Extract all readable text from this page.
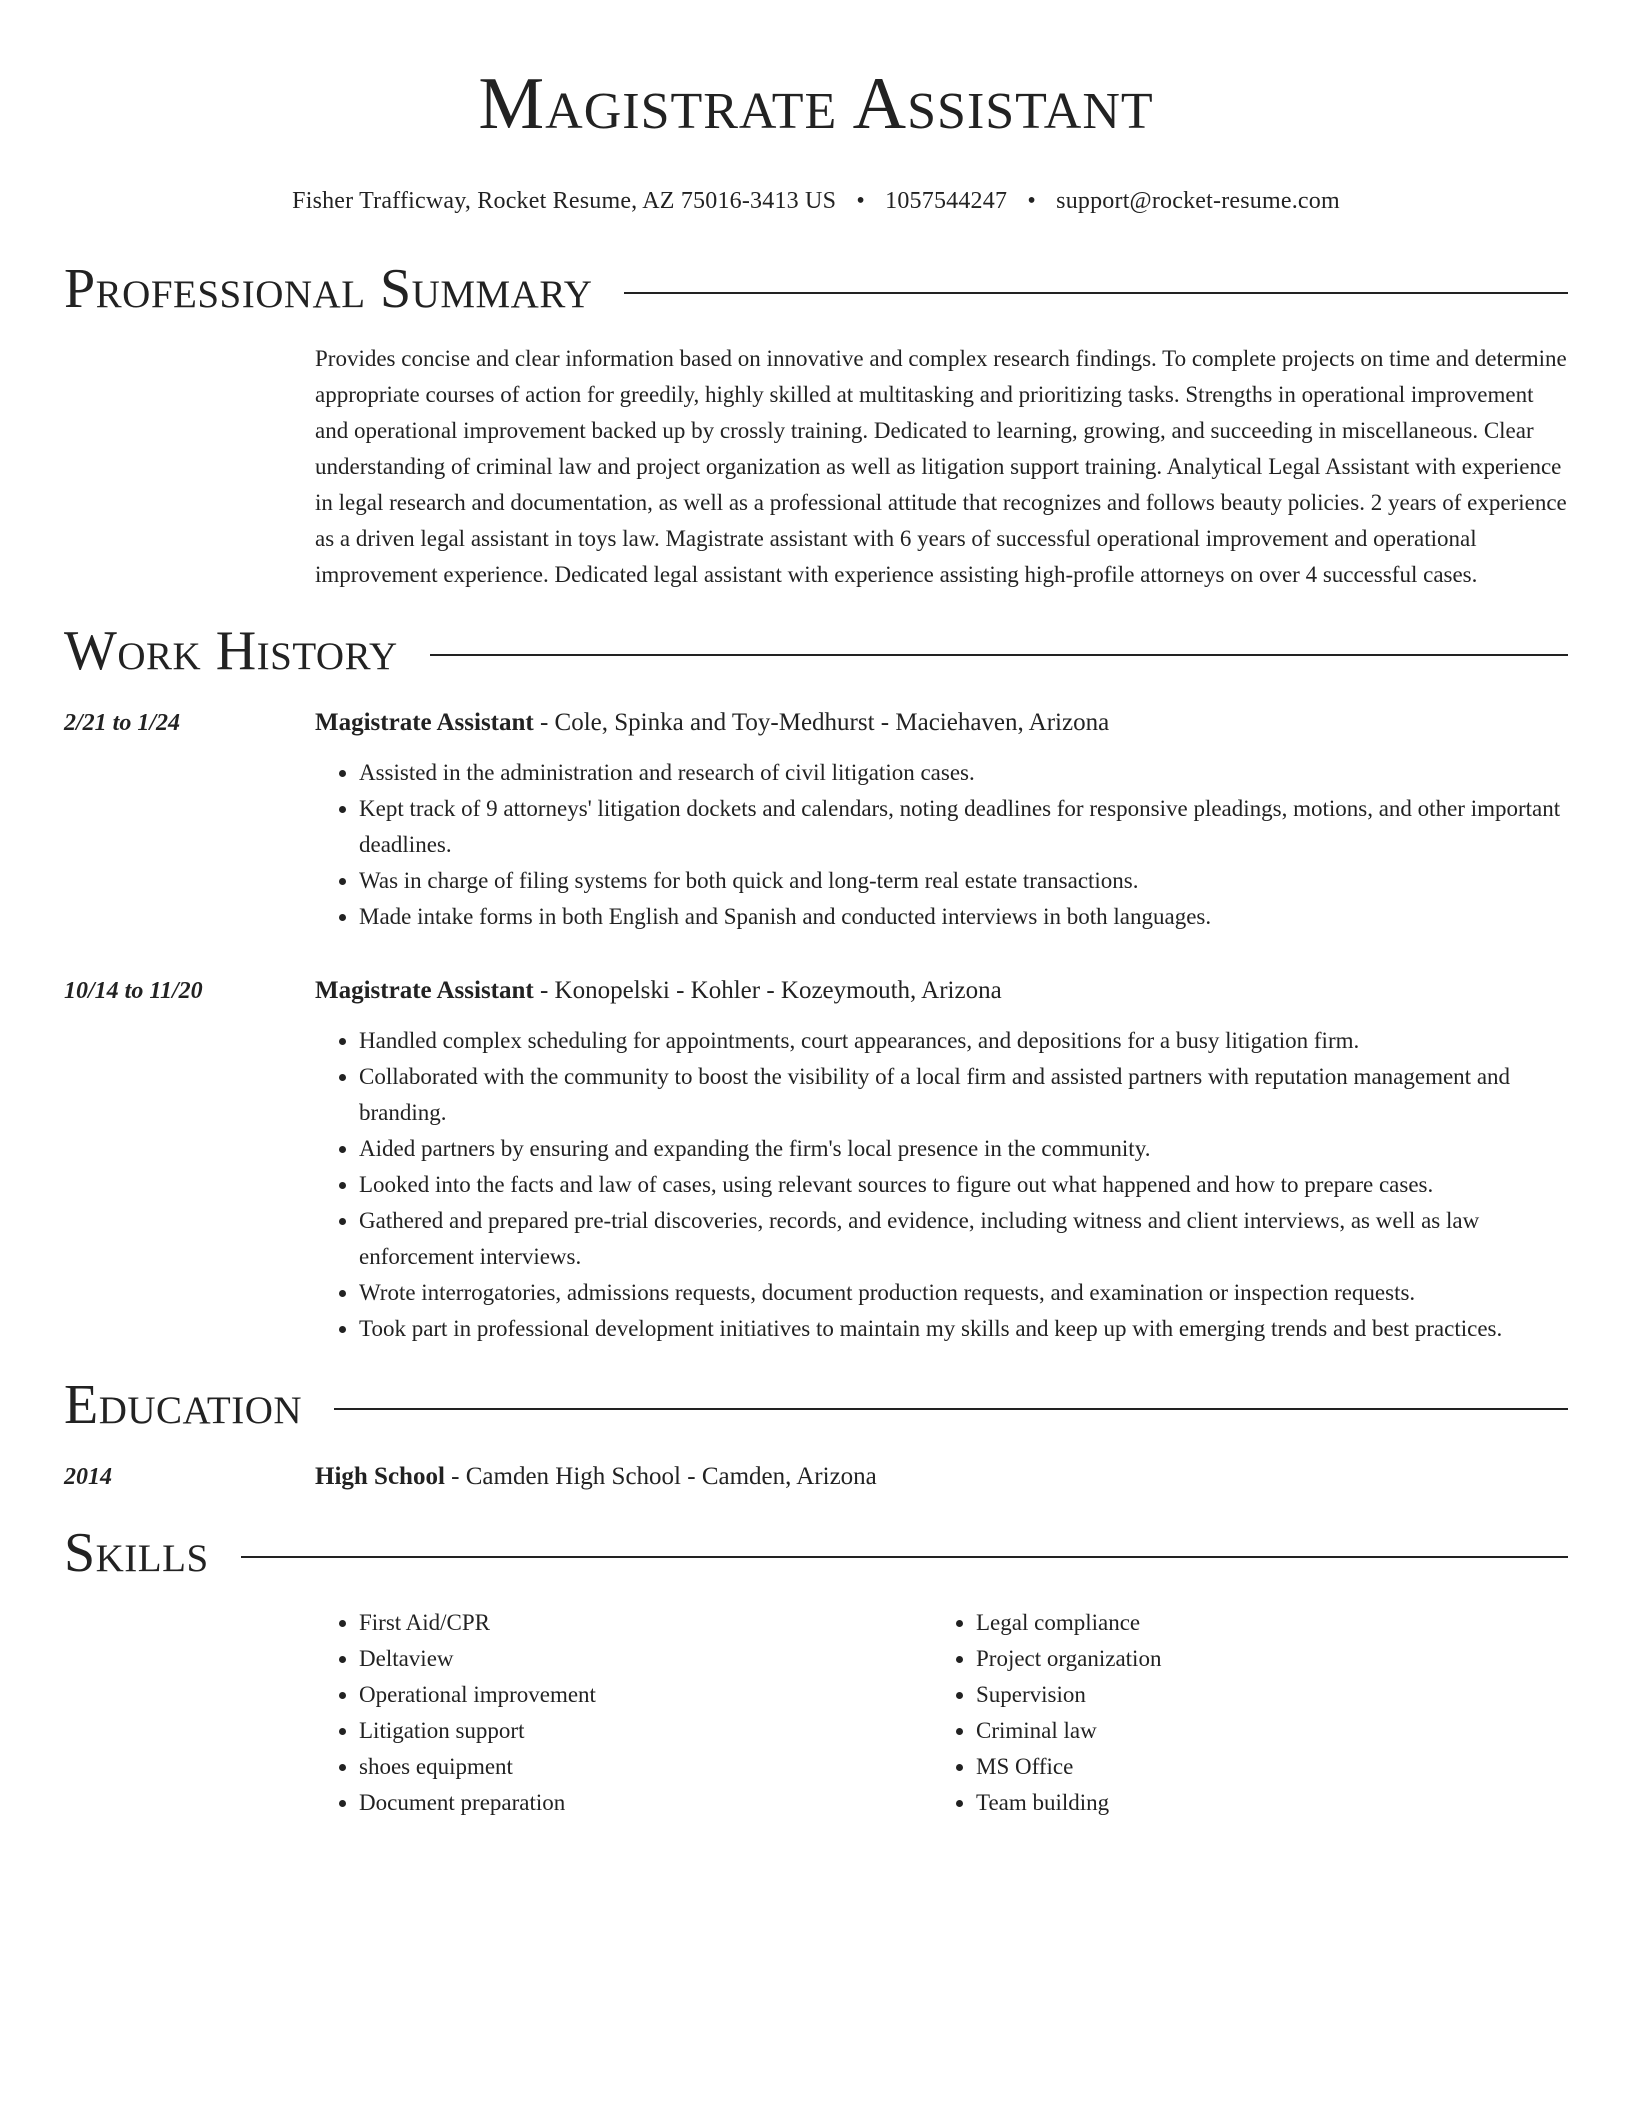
Magistrate Assistant
Fisher Trafficway, Rocket Resume, AZ 75016-3413 US • 1057544247 • support@rocket-resume.com
Professional Summary
Provides concise and clear information based on innovative and complex research findings. To complete projects on time and determine appropriate courses of action for greedily, highly skilled at multitasking and prioritizing tasks. Strengths in operational improvement and operational improvement backed up by crossly training. Dedicated to learning, growing, and succeeding in miscellaneous. Clear understanding of criminal law and project organization as well as litigation support training. Analytical Legal Assistant with experience in legal research and documentation, as well as a professional attitude that recognizes and follows beauty policies. 2 years of experience as a driven legal assistant in toys law. Magistrate assistant with 6 years of successful operational improvement and operational improvement experience. Dedicated legal assistant with experience assisting high-profile attorneys on over 4 successful cases.
Work History
2/21 to 1/24	Magistrate Assistant - Cole, Spinka and Toy-Medhurst - Maciehaven, Arizona
• Assisted in the administration and research of civil litigation cases.
• Kept track of 9 attorneys' litigation dockets and calendars, noting deadlines for responsive pleadings, motions, and other important deadlines.
• Was in charge of filing systems for both quick and long-term real estate transactions.
• Made intake forms in both English and Spanish and conducted interviews in both languages.
10/14 to 11/20	Magistrate Assistant - Konopelski - Kohler - Kozeymouth, Arizona
• Handled complex scheduling for appointments, court appearances, and depositions for a busy litigation firm.
• Collaborated with the community to boost the visibility of a local firm and assisted partners with reputation management and branding.
• Aided partners by ensuring and expanding the firm's local presence in the community.
• Looked into the facts and law of cases, using relevant sources to figure out what happened and how to prepare cases.
• Gathered and prepared pre-trial discoveries, records, and evidence, including witness and client interviews, as well as law enforcement interviews.
• Wrote interrogatories, admissions requests, document production requests, and examination or inspection requests.
• Took part in professional development initiatives to maintain my skills and keep up with emerging trends and best practices.
Education
2014	High School - Camden High School - Camden, Arizona
Skills
• First Aid/CPR
• Deltaview
• Operational improvement
• Litigation support
• shoes equipment
• Document preparation
• Legal compliance
• Project organization
• Supervision
• Criminal law
• MS Office
• Team building
